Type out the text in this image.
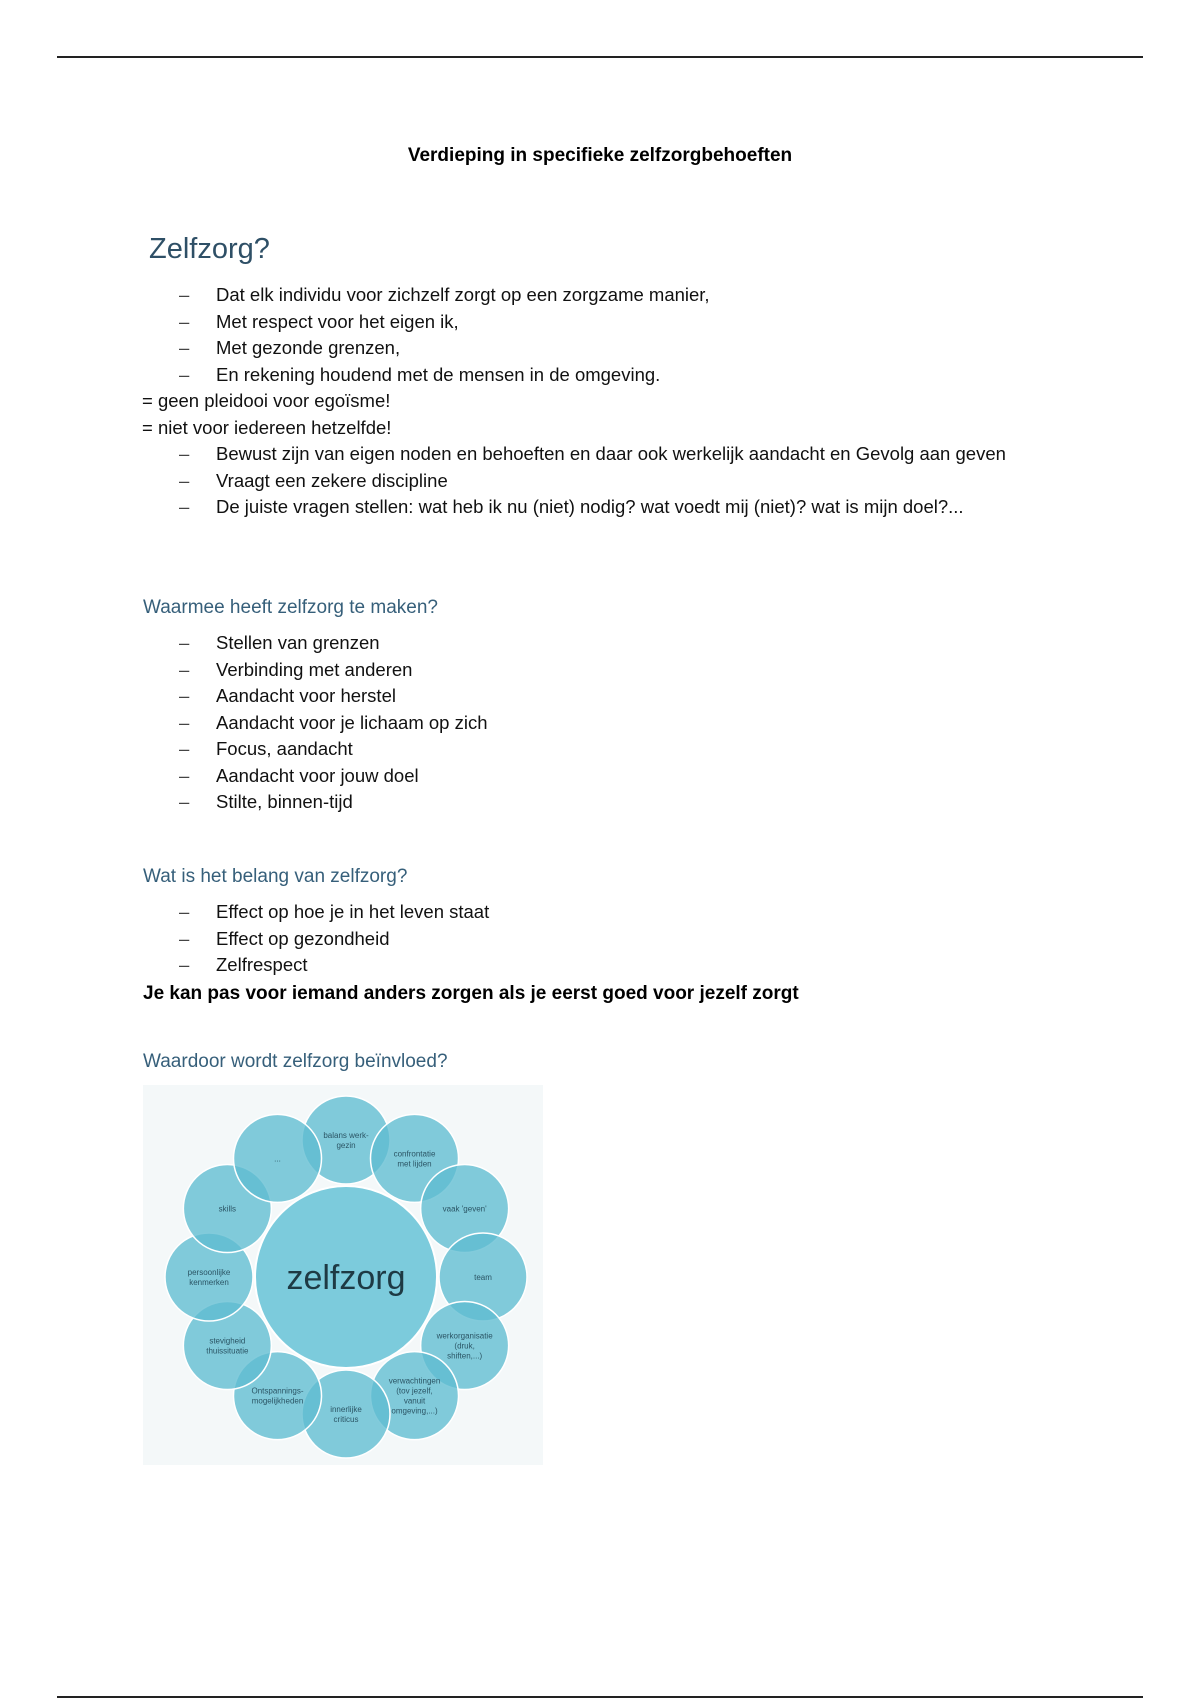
Verdieping in specifieke zelfzorgbehoeften
Zelfzorg?
– Dat elk individu voor zichzelf zorgt op een zorgzame manier,
– Met respect voor het eigen ik,
– Met gezonde grenzen,
– En rekening houdend met de mensen in de omgeving.
= geen pleidooi voor egoïsme!
= niet voor iedereen hetzelfde!
– Bewust zijn van eigen noden en behoeften en daar ook werkelijk aandacht en Gevolg aan geven
– Vraagt een zekere discipline
– De juiste vragen stellen: wat heb ik nu (niet) nodig? wat voedt mij (niet)? wat is mijn doel?...
Waarmee heeft zelfzorg te maken?
– Stellen van grenzen
– Verbinding met anderen
– Aandacht voor herstel
– Aandacht voor je lichaam op zich
– Focus, aandacht
– Aandacht voor jouw doel
– Stilte, binnen-tijd
Wat is het belang van zelfzorg?
– Effect op hoe je in het leven staat
– Effect op gezondheid
– Zelfrespect
Je kan pas voor iemand anders zorgen als je eerst goed voor jezelf zorgt
Waardoor wordt zelfzorg beïnvloed?
zelfzorg
balans werk-gezin
confrontatie met lijden
vaak 'geven'
team
werkorganisatie (druk, shiften,...)
verwachtingen (tov jezelf, vanuit omgeving,...)
innerlijke criticus
Ontspannings-mogelijkheden
stevigheid thuissituatie
persoonlijke kenmerken
skills
...
